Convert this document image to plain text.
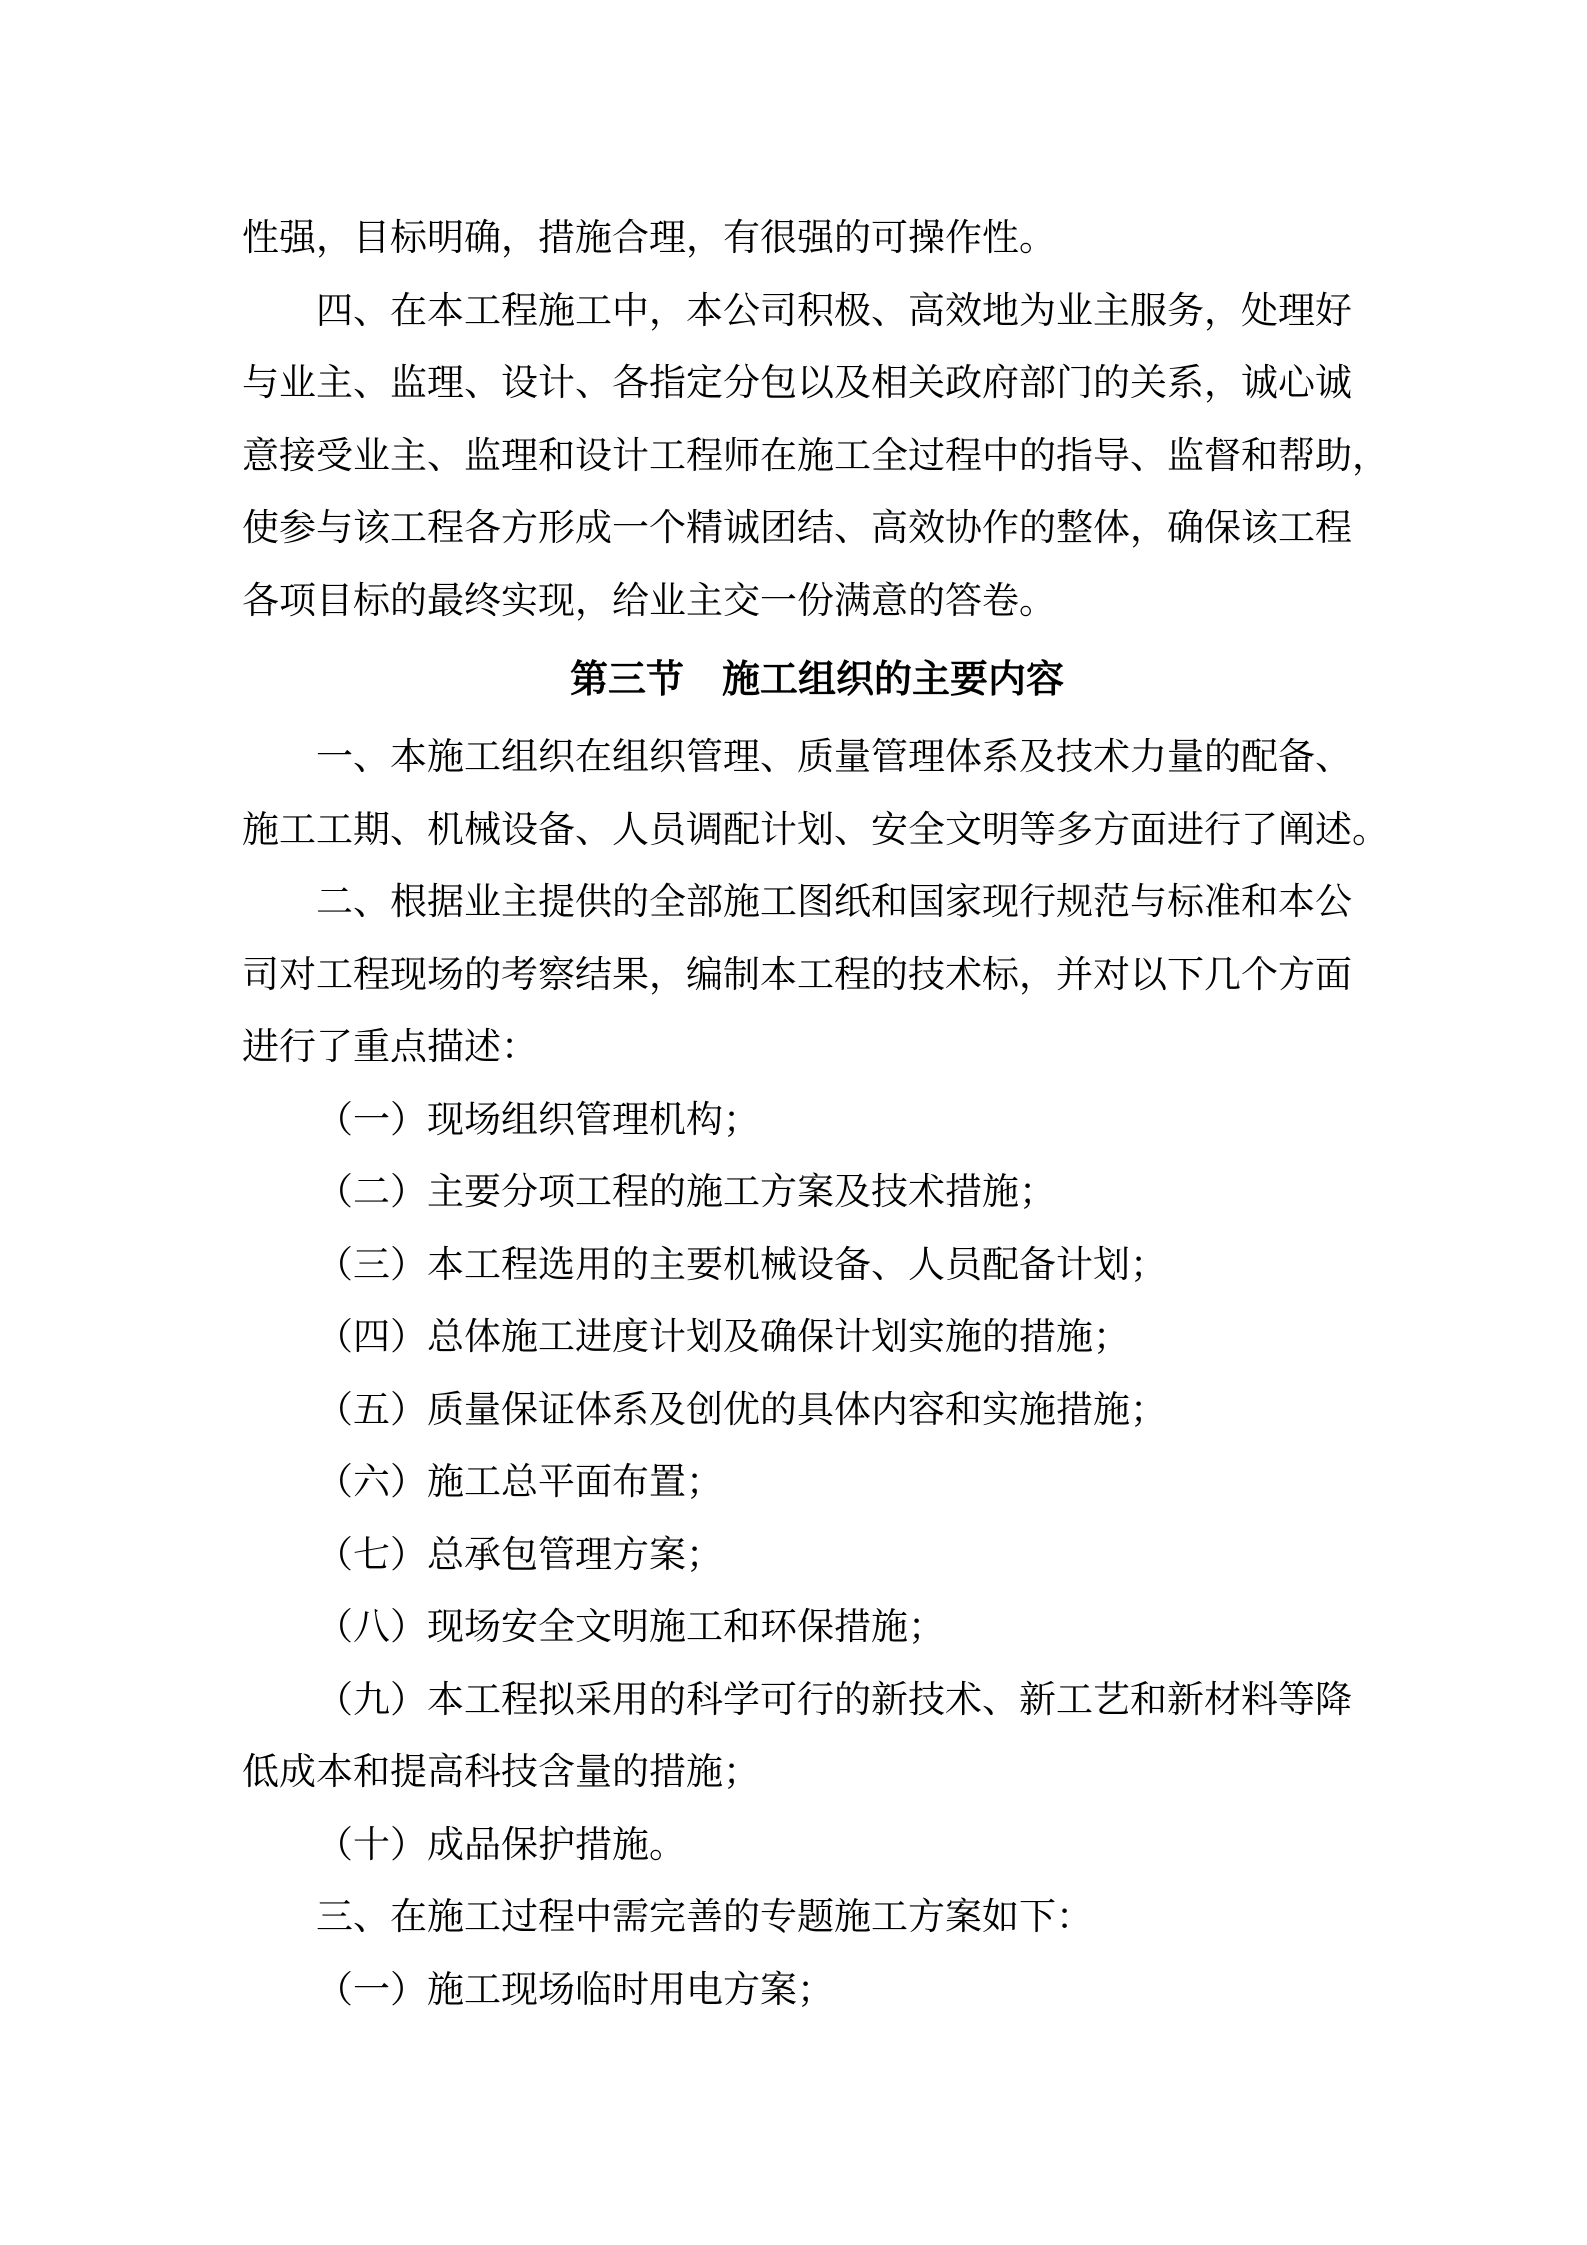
性强，目标明确，措施合理，有很强的可操作性。
四、在本工程施工中，本公司积极、高效地为业主服务，处理好
与业主、监理、设计、各指定分包以及相关政府部门的关系，诚心诚
意接受业主、监理和设计工程师在施工全过程中的指导、监督和帮助，
使参与该工程各方形成一个精诚团结、高效协作的整体，确保该工程
各项目标的最终实现，给业主交一份满意的答卷。
第三节　施工组织的主要内容
一、本施工组织在组织管理、质量管理体系及技术力量的配备、
施工工期、机械设备、人员调配计划、安全文明等多方面进行了阐述。
二、根据业主提供的全部施工图纸和国家现行规范与标准和本公
司对工程现场的考察结果，编制本工程的技术标，并对以下几个方面
进行了重点描述：
（一）现场组织管理机构；
（二）主要分项工程的施工方案及技术措施；
（三）本工程选用的主要机械设备、人员配备计划；
（四）总体施工进度计划及确保计划实施的措施；
（五）质量保证体系及创优的具体内容和实施措施；
（六）施工总平面布置；
（七）总承包管理方案；
（八）现场安全文明施工和环保措施；
（九）本工程拟采用的科学可行的新技术、新工艺和新材料等降
低成本和提高科技含量的措施；
（十）成品保护措施。
三、在施工过程中需完善的专题施工方案如下：
（一）施工现场临时用电方案；
